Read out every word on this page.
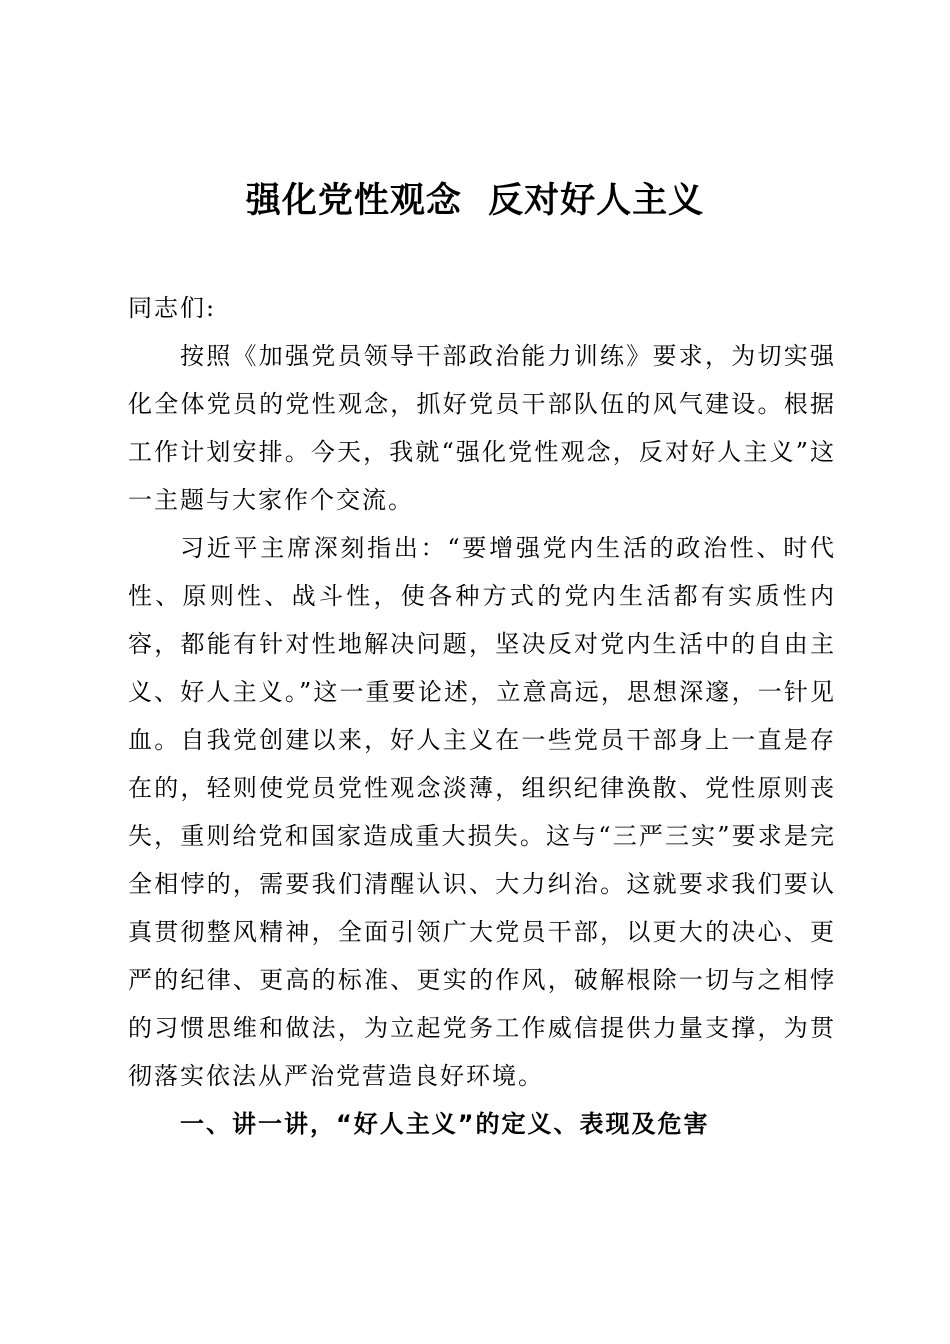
强化党性观念  反对好人主义

同志们:

按照《加强党员领导干部政治能力训练》要求，为切实强化全体党员的党性观念，抓好党员干部队伍的风气建设。根据工作计划安排。今天，我就“强化党性观念，反对好人主义”这一主题与大家作个交流。

习近平主席深刻指出：“要增强党内生活的政治性、时代性、原则性、战斗性，使各种方式的党内生活都有实质性内容，都能有针对性地解决问题，坚决反对党内生活中的自由主义、好人主义。”这一重要论述，立意高远，思想深邃，一针见血。自我党创建以来，好人主义在一些党员干部身上一直是存在的，轻则使党员党性观念淡薄，组织纪律涣散、党性原则丧失，重则给党和国家造成重大损失。这与“三严三实”要求是完全相悖的，需要我们清醒认识、大力纠治。这就要求我们要认真贯彻整风精神，全面引领广大党员干部，以更大的决心、更严的纪律、更高的标准、更实的作风，破解根除一切与之相悖的习惯思维和做法，为立起党务工作威信提供力量支撑，为贯彻落实依法从严治党营造良好环境。

一、讲一讲，“好人主义”的定义、表现及危害
